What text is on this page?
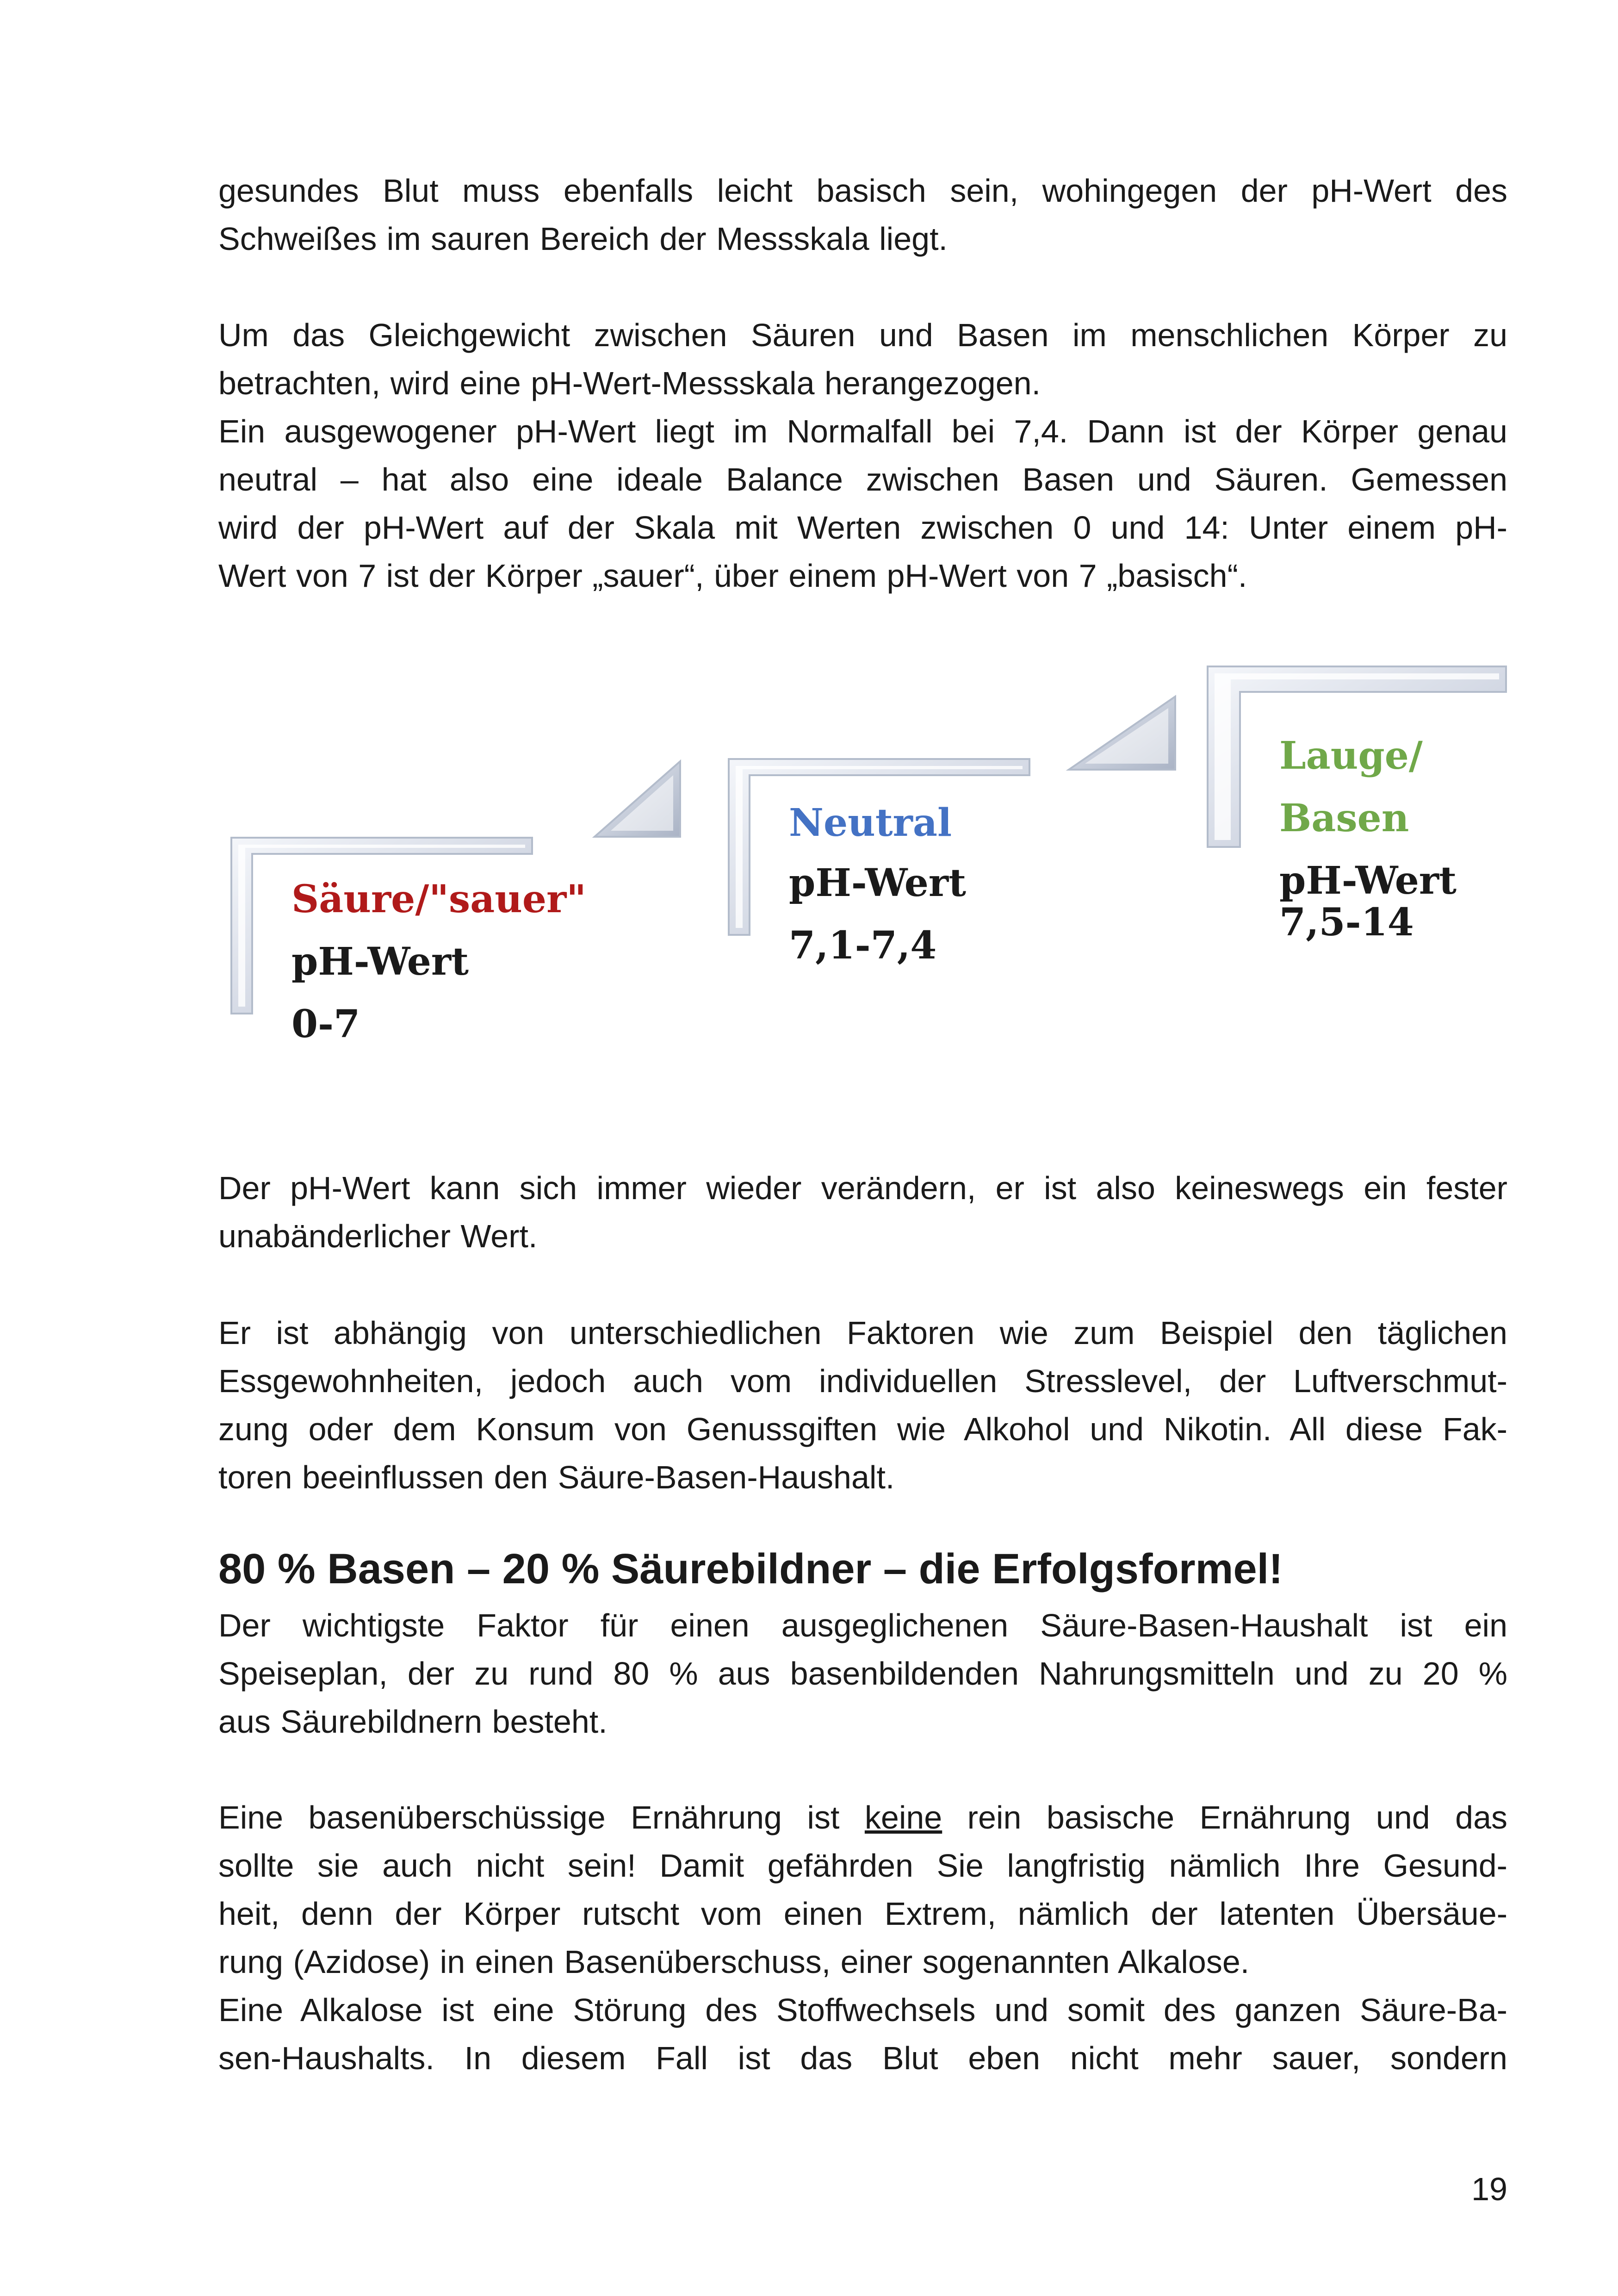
gesundes Blut muss ebenfalls leicht basisch sein, wohingegen der pH-Wert des
Schweißes im sauren Bereich der Messskala liegt.
Um das Gleichgewicht zwischen Säuren und Basen im menschlichen Körper zu
betrachten, wird eine pH-Wert-Messskala herangezogen.
Ein ausgewogener pH-Wert liegt im Normalfall bei 7,4. Dann ist der Körper genau
neutral – hat also eine ideale Balance zwischen Basen und Säuren. Gemessen
wird der pH-Wert auf der Skala mit Werten zwischen 0 und 14: Unter einem pH-
Wert von 7 ist der Körper „sauer“, über einem pH-Wert von 7 „basisch“.
Säure/"sauer"
pH-Wert
0-7
Neutral
pH-Wert
7,1-7,4
Lauge/
Basen
pH-Wert
7,5-14
Der pH-Wert kann sich immer wieder verändern, er ist also keineswegs ein fester
unabänderlicher Wert.
Er ist abhängig von unterschiedlichen Faktoren wie zum Beispiel den täglichen
Essgewohnheiten, jedoch auch vom individuellen Stresslevel, der Luftverschmut-
zung oder dem Konsum von Genussgiften wie Alkohol und Nikotin. All diese Fak-
toren beeinflussen den Säure-Basen-Haushalt.
80 % Basen – 20 % Säurebildner – die Erfolgsformel!
Der wichtigste Faktor für einen ausgeglichenen Säure-Basen-Haushalt ist ein
Speiseplan, der zu rund 80 % aus basenbildenden Nahrungsmitteln und zu 20 %
aus Säurebildnern besteht.
Eine basenüberschüssige Ernährung ist keine rein basische Ernährung und das
sollte sie auch nicht sein! Damit gefährden Sie langfristig nämlich Ihre Gesund-
heit, denn der Körper rutscht vom einen Extrem, nämlich der latenten Übersäue-
rung (Azidose) in einen Basenüberschuss, einer sogenannten Alkalose.
Eine Alkalose ist eine Störung des Stoffwechsels und somit des ganzen Säure-Ba-
sen-Haushalts. In diesem Fall ist das Blut eben nicht mehr sauer, sondern
19
